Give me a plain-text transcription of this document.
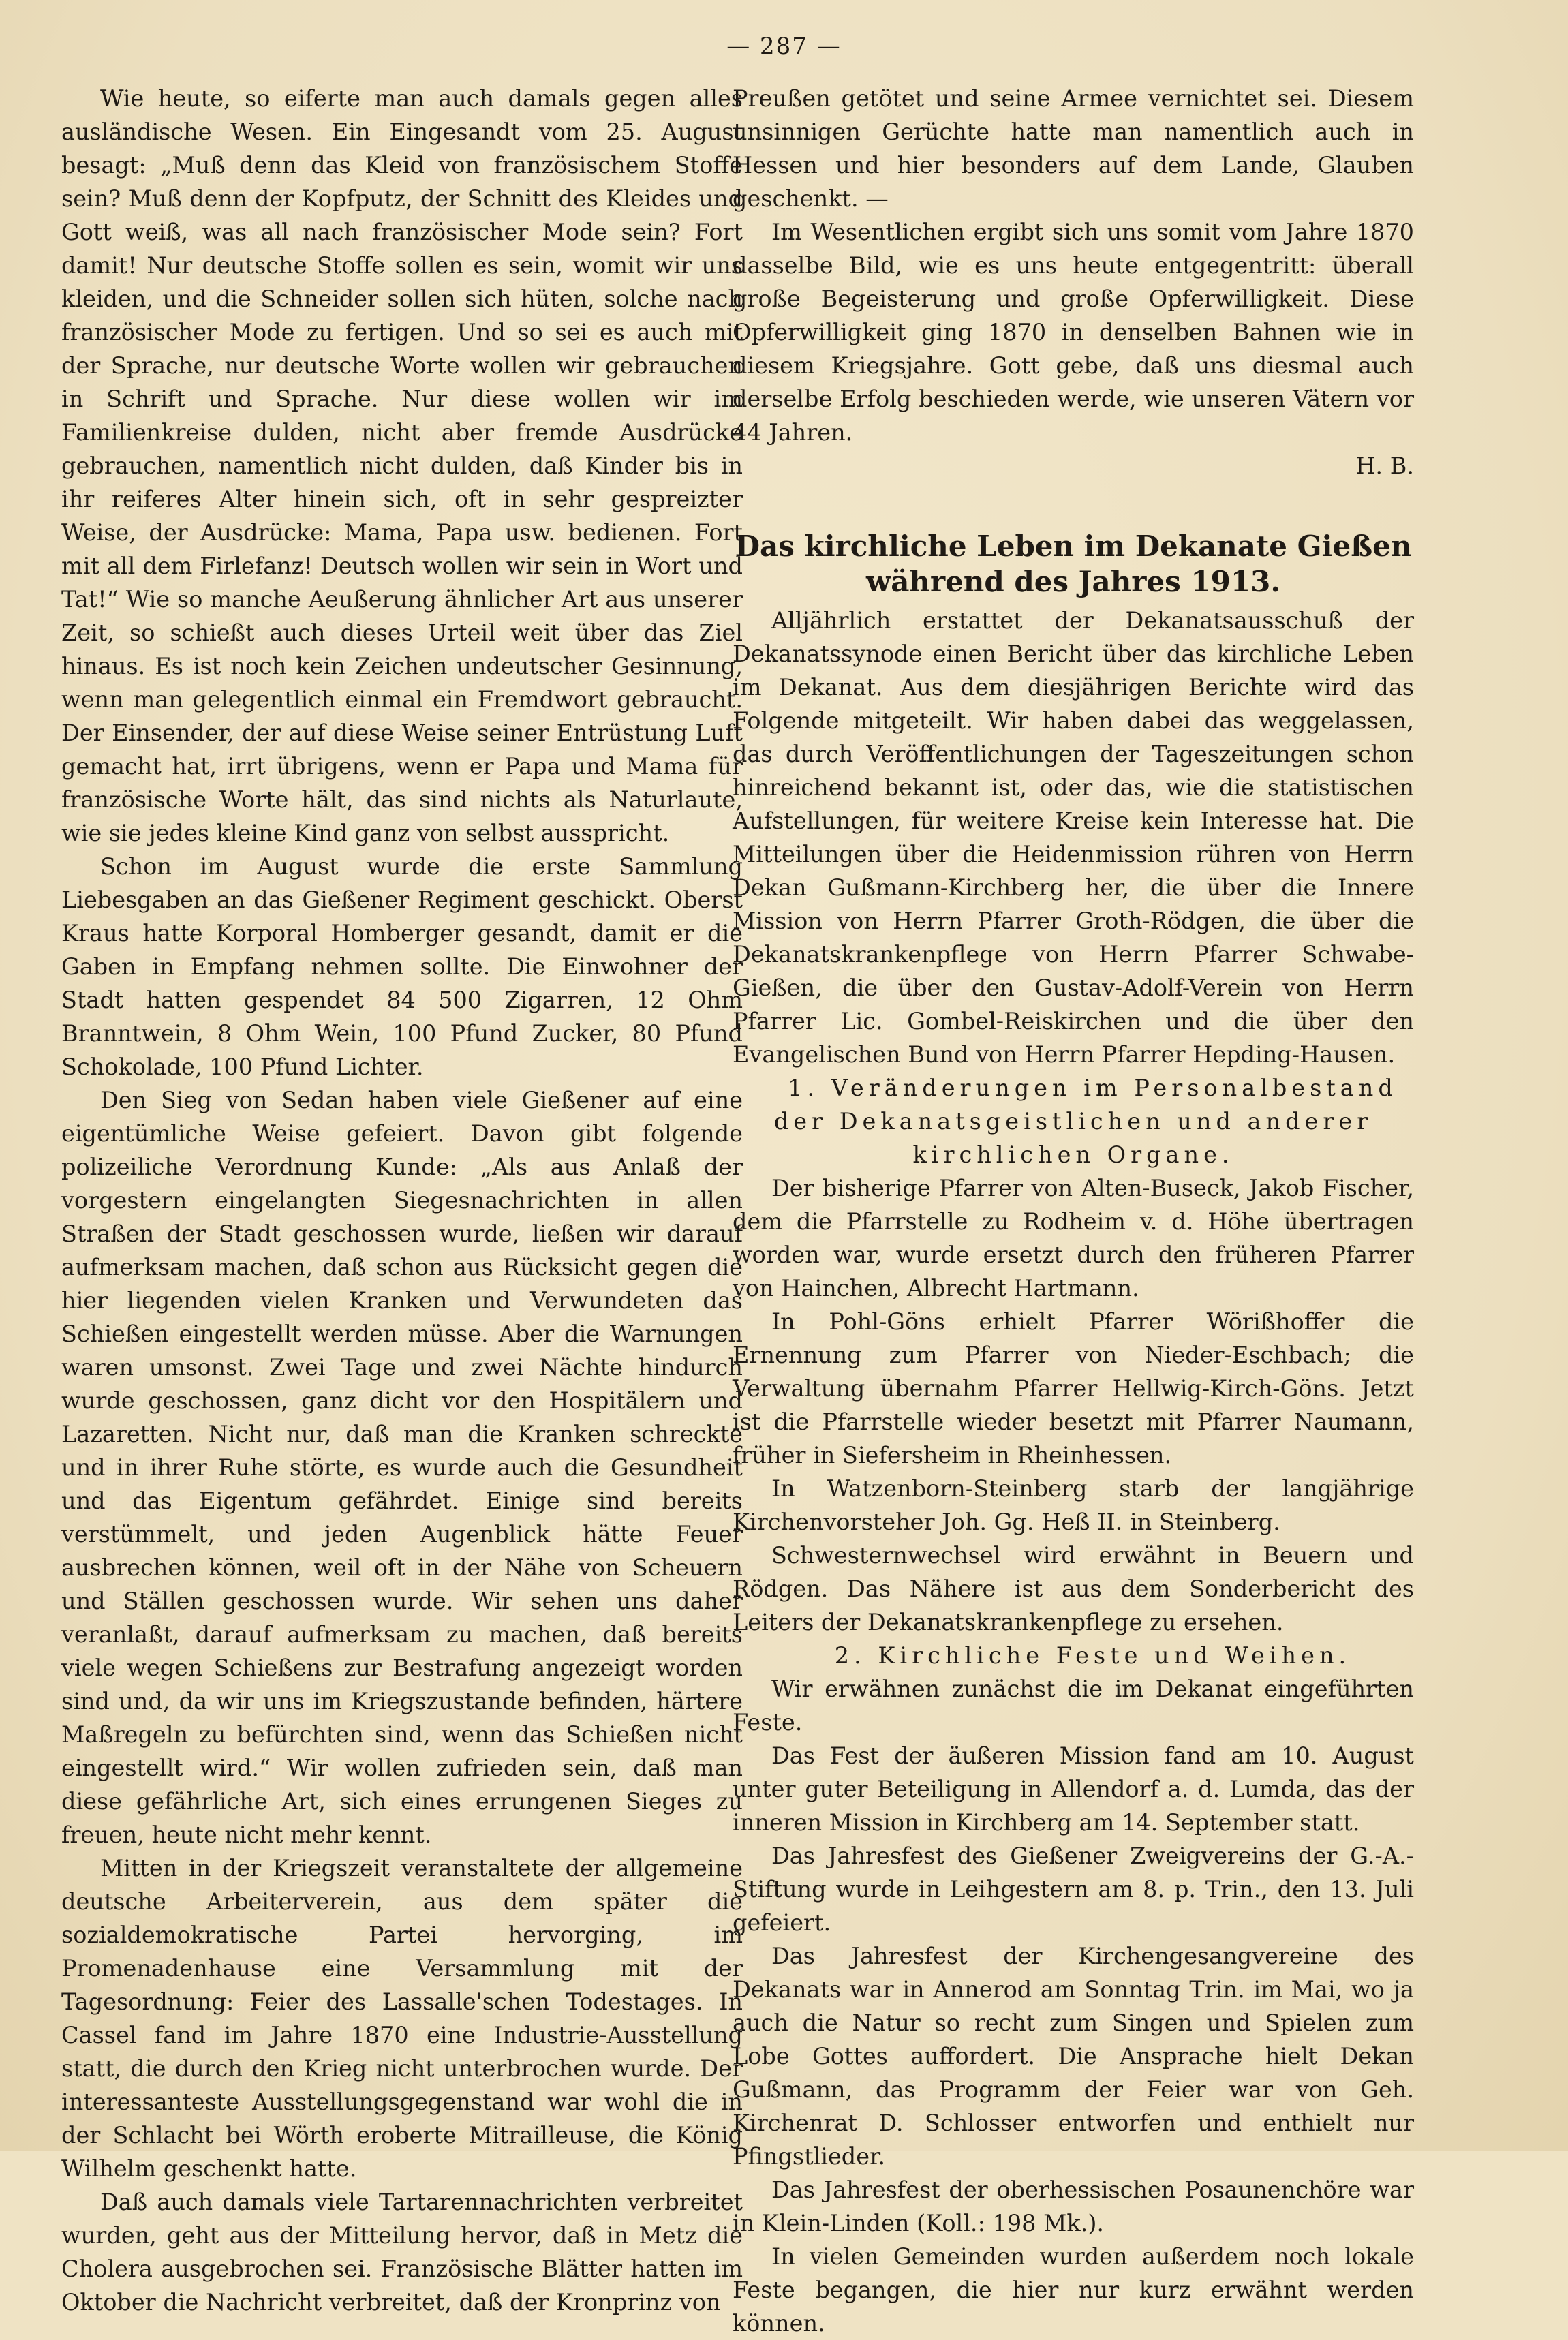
— 287 —

Wie heute, so eiferte man auch damals gegen alles ausländische Wesen. Ein Eingesandt vom 25. August besagt: „Muß denn das Kleid von französischem Stoffe sein? Muß denn der Kopfputz, der Schnitt des Kleides und Gott weiß, was all nach französischer Mode sein? Fort damit! Nur deutsche Stoffe sollen es sein, womit wir uns kleiden, und die Schneider sollen sich hüten, solche nach französischer Mode zu fertigen. Und so sei es auch mit der Sprache, nur deutsche Worte wollen wir gebrauchen in Schrift und Sprache. Nur diese wollen wir im Familienkreise dulden, nicht aber fremde Ausdrücke gebrauchen, namentlich nicht dulden, daß Kinder bis in ihr reiferes Alter hinein sich, oft in sehr gespreizter Weise, der Ausdrücke: Mama, Papa usw. bedienen. Fort mit all dem Firlefanz! Deutsch wollen wir sein in Wort und Tat!“ Wie so manche Aeußerung ähnlicher Art aus unserer Zeit, so schießt auch dieses Urteil weit über das Ziel hinaus. Es ist noch kein Zeichen undeutscher Gesinnung, wenn man gelegentlich einmal ein Fremdwort gebraucht. Der Einsender, der auf diese Weise seiner Entrüstung Luft gemacht hat, irrt übrigens, wenn er Papa und Mama für französische Worte hält, das sind nichts als Naturlaute, wie sie jedes kleine Kind ganz von selbst ausspricht.

Schon im August wurde die erste Sammlung Liebesgaben an das Gießener Regiment geschickt. Oberst Kraus hatte Korporal Homberger gesandt, damit er die Gaben in Empfang nehmen sollte. Die Einwohner der Stadt hatten gespendet 84 500 Zigarren, 12 Ohm Branntwein, 8 Ohm Wein, 100 Pfund Zucker, 80 Pfund Schokolade, 100 Pfund Lichter.

Den Sieg von Sedan haben viele Gießener auf eine eigentümliche Weise gefeiert. Davon gibt folgende polizeiliche Verordnung Kunde: „Als aus Anlaß der vorgestern eingelangten Siegesnachrichten in allen Straßen der Stadt geschossen wurde, ließen wir darauf aufmerksam machen, daß schon aus Rücksicht gegen die hier liegenden vielen Kranken und Verwundeten das Schießen eingestellt werden müsse. Aber die Warnungen waren umsonst. Zwei Tage und zwei Nächte hindurch wurde geschossen, ganz dicht vor den Hospitälern und Lazaretten. Nicht nur, daß man die Kranken schreckte und in ihrer Ruhe störte, es wurde auch die Gesundheit und das Eigentum gefährdet. Einige sind bereits verstümmelt, und jeden Augenblick hätte Feuer ausbrechen können, weil oft in der Nähe von Scheuern und Ställen geschossen wurde. Wir sehen uns daher veranlaßt, darauf aufmerksam zu machen, daß bereits viele wegen Schießens zur Bestrafung angezeigt worden sind und, da wir uns im Kriegszustande befinden, härtere Maßregeln zu befürchten sind, wenn das Schießen nicht eingestellt wird.“ Wir wollen zufrieden sein, daß man diese gefährliche Art, sich eines errungenen Sieges zu freuen, heute nicht mehr kennt.

Mitten in der Kriegszeit veranstaltete der allgemeine deutsche Arbeiterverein, aus dem später die sozialdemokratische Partei hervorging, im Promenadenhause eine Versammlung mit der Tagesordnung: Feier des Lassalle'schen Todestages. In Cassel fand im Jahre 1870 eine Industrie-Ausstellung statt, die durch den Krieg nicht unterbrochen wurde. Der interessanteste Ausstellungsgegenstand war wohl die in der Schlacht bei Wörth eroberte Mitrailleuse, die König Wilhelm geschenkt hatte.

Daß auch damals viele Tartarennachrichten verbreitet wurden, geht aus der Mitteilung hervor, daß in Metz die Cholera ausgebrochen sei. Französische Blätter hatten im Oktober die Nachricht verbreitet, daß der Kronprinz von

Preußen getötet und seine Armee vernichtet sei. Diesem unsinnigen Gerüchte hatte man namentlich auch in Hessen und hier besonders auf dem Lande, Glauben geschenkt. —

Im Wesentlichen ergibt sich uns somit vom Jahre 1870 dasselbe Bild, wie es uns heute entgegentritt: überall große Begeisterung und große Opferwilligkeit. Diese Opferwilligkeit ging 1870 in denselben Bahnen wie in diesem Kriegsjahre. Gott gebe, daß uns diesmal auch derselbe Erfolg beschieden werde, wie unseren Vätern vor 44 Jahren.

H. B.

Das kirchliche Leben im Dekanate Gießen während des Jahres 1913.

Alljährlich erstattet der Dekanatsausschuß der Dekanatssynode einen Bericht über das kirchliche Leben im Dekanat. Aus dem diesjährigen Berichte wird das Folgende mitgeteilt. Wir haben dabei das weggelassen, das durch Veröffentlichungen der Tageszeitungen schon hinreichend bekannt ist, oder das, wie die statistischen Aufstellungen, für weitere Kreise kein Interesse hat. Die Mitteilungen über die Heidenmission rühren von Herrn Dekan Gußmann-Kirchberg her, die über die Innere Mission von Herrn Pfarrer Groth-Rödgen, die über die Dekanatskrankenpflege von Herrn Pfarrer Schwabe-Gießen, die über den Gustav-Adolf-Verein von Herrn Pfarrer Lic. Gombel-Reiskirchen und die über den Evangelischen Bund von Herrn Pfarrer Hepding-Hausen.

1. Veränderungen im Personalbestand der Dekanatsgeistlichen und anderer kirchlichen Organe.

Der bisherige Pfarrer von Alten-Buseck, Jakob Fischer, dem die Pfarrstelle zu Rodheim v. d. Höhe übertragen worden war, wurde ersetzt durch den früheren Pfarrer von Hainchen, Albrecht Hartmann.

In Pohl-Göns erhielt Pfarrer Wörißhoffer die Ernennung zum Pfarrer von Nieder-Eschbach; die Verwaltung übernahm Pfarrer Hellwig-Kirch-Göns. Jetzt ist die Pfarrstelle wieder besetzt mit Pfarrer Naumann, früher in Siefersheim in Rheinhessen.

In Watzenborn-Steinberg starb der langjährige Kirchenvorsteher Joh. Gg. Heß II. in Steinberg.

Schwesternwechsel wird erwähnt in Beuern und Rödgen. Das Nähere ist aus dem Sonderbericht des Leiters der Dekanatskrankenpflege zu ersehen.

2. Kirchliche Feste und Weihen.

Wir erwähnen zunächst die im Dekanat eingeführten Feste.

Das Fest der äußeren Mission fand am 10. August unter guter Beteiligung in Allendorf a. d. Lumda, das der inneren Mission in Kirchberg am 14. September statt.

Das Jahresfest des Gießener Zweigvereins der G.-A.-Stiftung wurde in Leihgestern am 8. p. Trin., den 13. Juli gefeiert.

Das Jahresfest der Kirchengesangvereine des Dekanats war in Annerod am Sonntag Trin. im Mai, wo ja auch die Natur so recht zum Singen und Spielen zum Lobe Gottes auffordert. Die Ansprache hielt Dekan Gußmann, das Programm der Feier war von Geh. Kirchenrat D. Schlosser entworfen und enthielt nur Pfingstlieder.

Das Jahresfest der oberhessischen Posaunenchöre war in Klein-Linden (Koll.: 198 Mk.).

In vielen Gemeinden wurden außerdem noch lokale Feste begangen, die hier nur kurz erwähnt werden können.
